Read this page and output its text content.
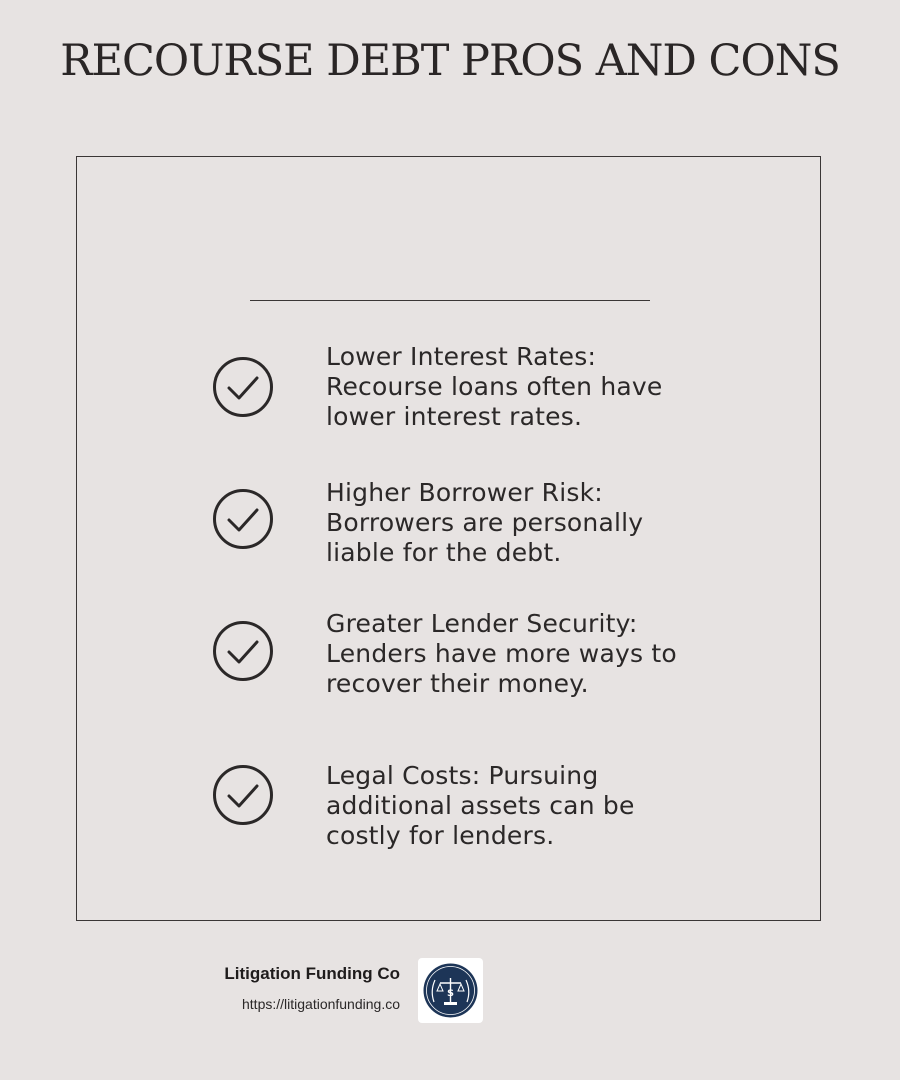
RECOURSE DEBT PROS AND CONS
Lower Interest Rates: Recourse loans often have lower interest rates.
Higher Borrower Risk: Borrowers are personally liable for the debt.
Greater Lender Security: Lenders have more ways to recover their money.
Legal Costs: Pursuing additional assets can be costly for lenders.
Litigation Funding Co
https://litigationfunding.co
$
